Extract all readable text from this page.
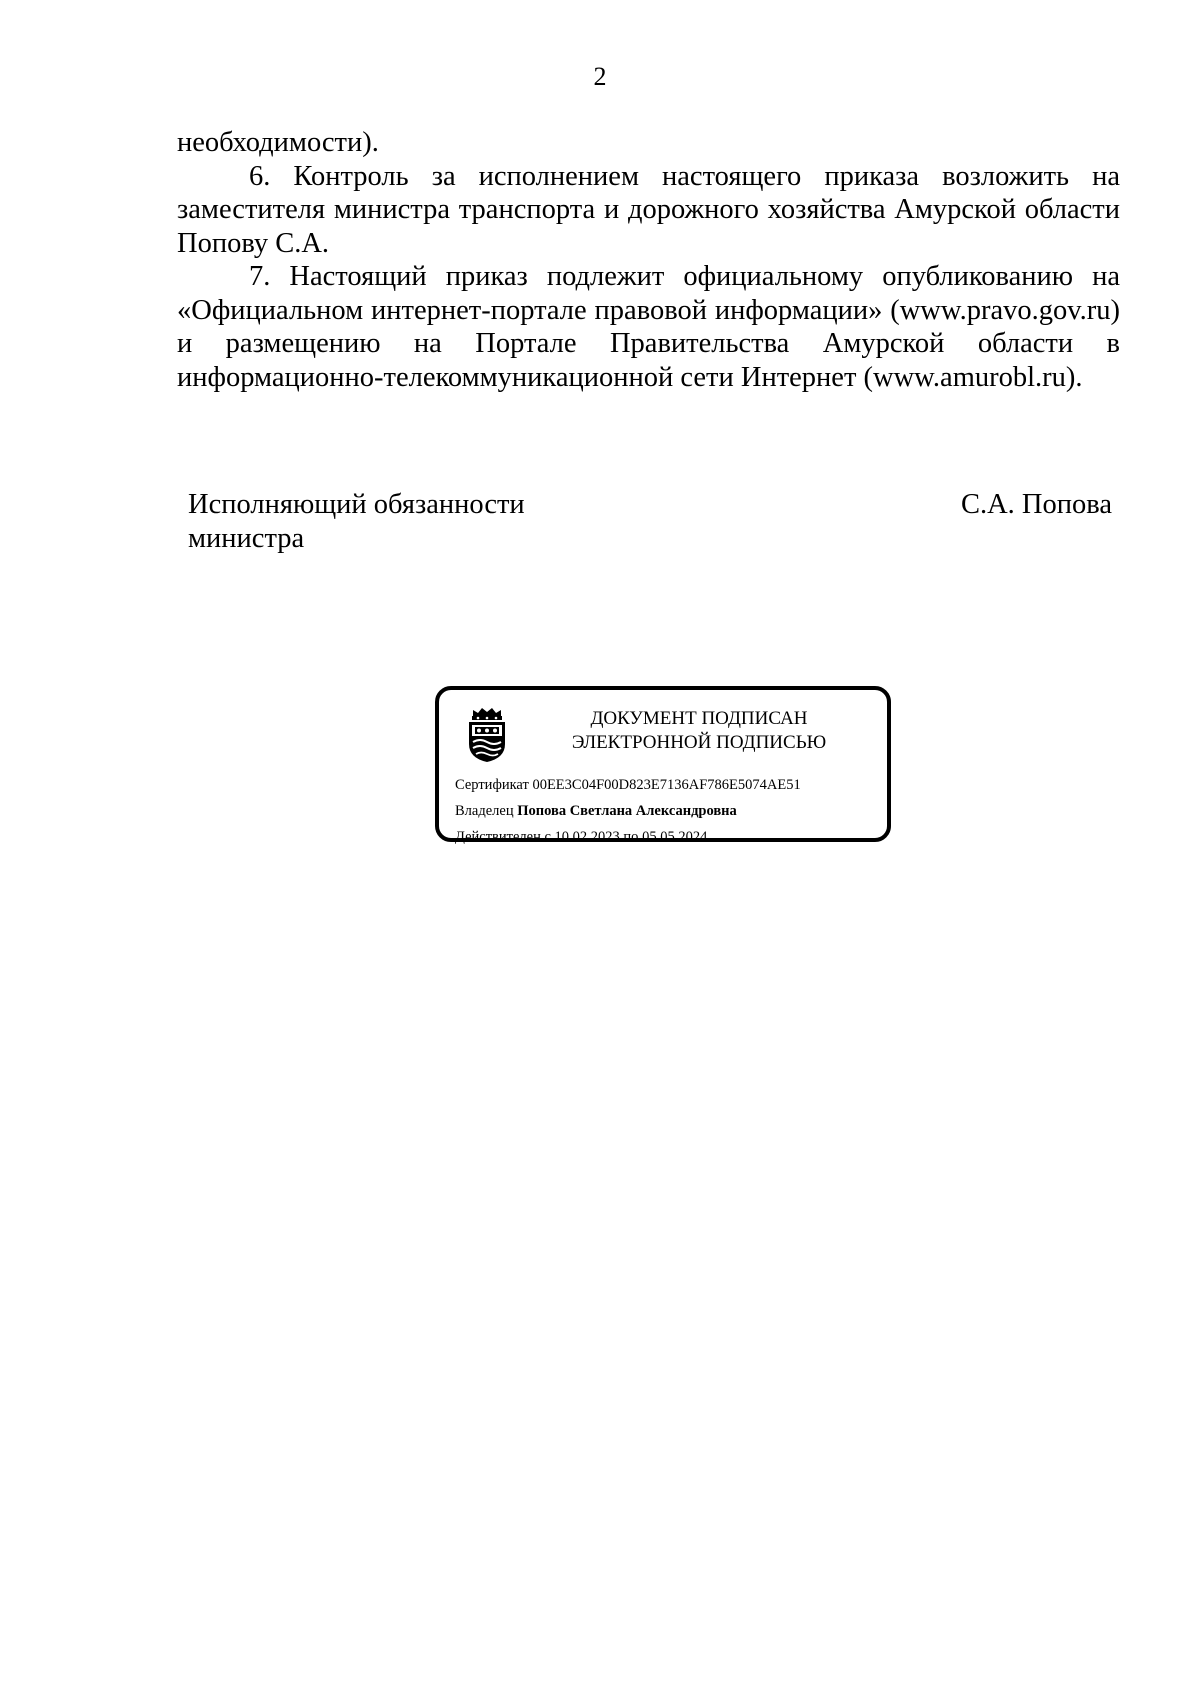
2

необходимости).

6. Контроль за исполнением настоящего приказа возложить на заместителя министра транспорта и дорожного хозяйства Амурской области Попову С.А.

7. Настоящий приказ подлежит официальному опубликованию на «Официальном интернет-портале правовой информации» (www.pravo.gov.ru) и размещению на Портале Правительства Амурской области в информационно-телекоммуникационной сети Интернет (www.amurobl.ru).

Исполняющий обязанности
министра
С.А. Попова
ДОКУМЕНТ ПОДПИСАН
ЭЛЕКТРОННОЙ ПОДПИСЬЮ
Сертификат 00EE3C04F00D823E7136AF786E5074AE51
Владелец Попова Светлана Александровна
Действителен с 10.02.2023 по 05.05.2024
